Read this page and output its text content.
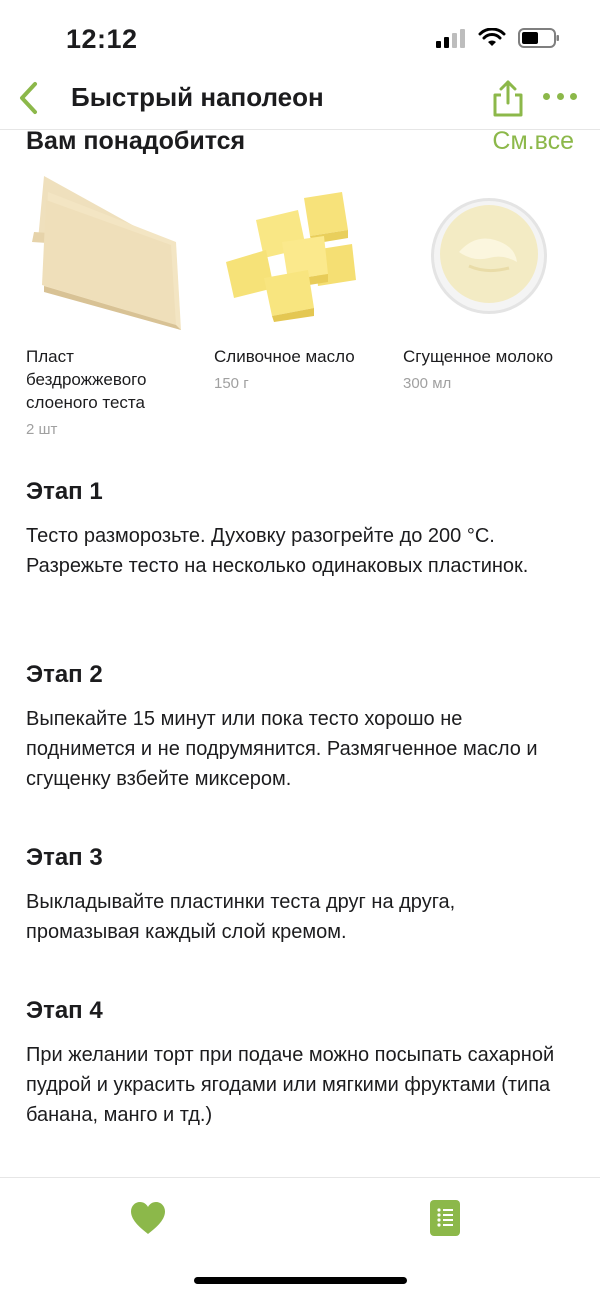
12:12
Быстрый наполеон
Вам понадобится	См.все
Пласт бездрожжевого слоеного теста
2 шт
Сливочное масло
150 г
Сгущенное молоко
300 мл
Этап 1
Тесто разморозьте. Духовку разогрейте до 200 °C. Разрежьте тесто на несколько одинаковых пластинок.
Этап 2
Выпекайте 15 минут или пока тесто хорошо не поднимется и не подрумянится. Размягченное масло и сгущенку взбейте миксером.
Этап 3
Выкладывайте пластинки теста друг на друга, промазывая каждый слой кремом.
Этап 4
При желании торт при подаче можно посыпать сахарной пудрой и украсить ягодами или мягкими фруктами (типа банана, манго и тд.)
